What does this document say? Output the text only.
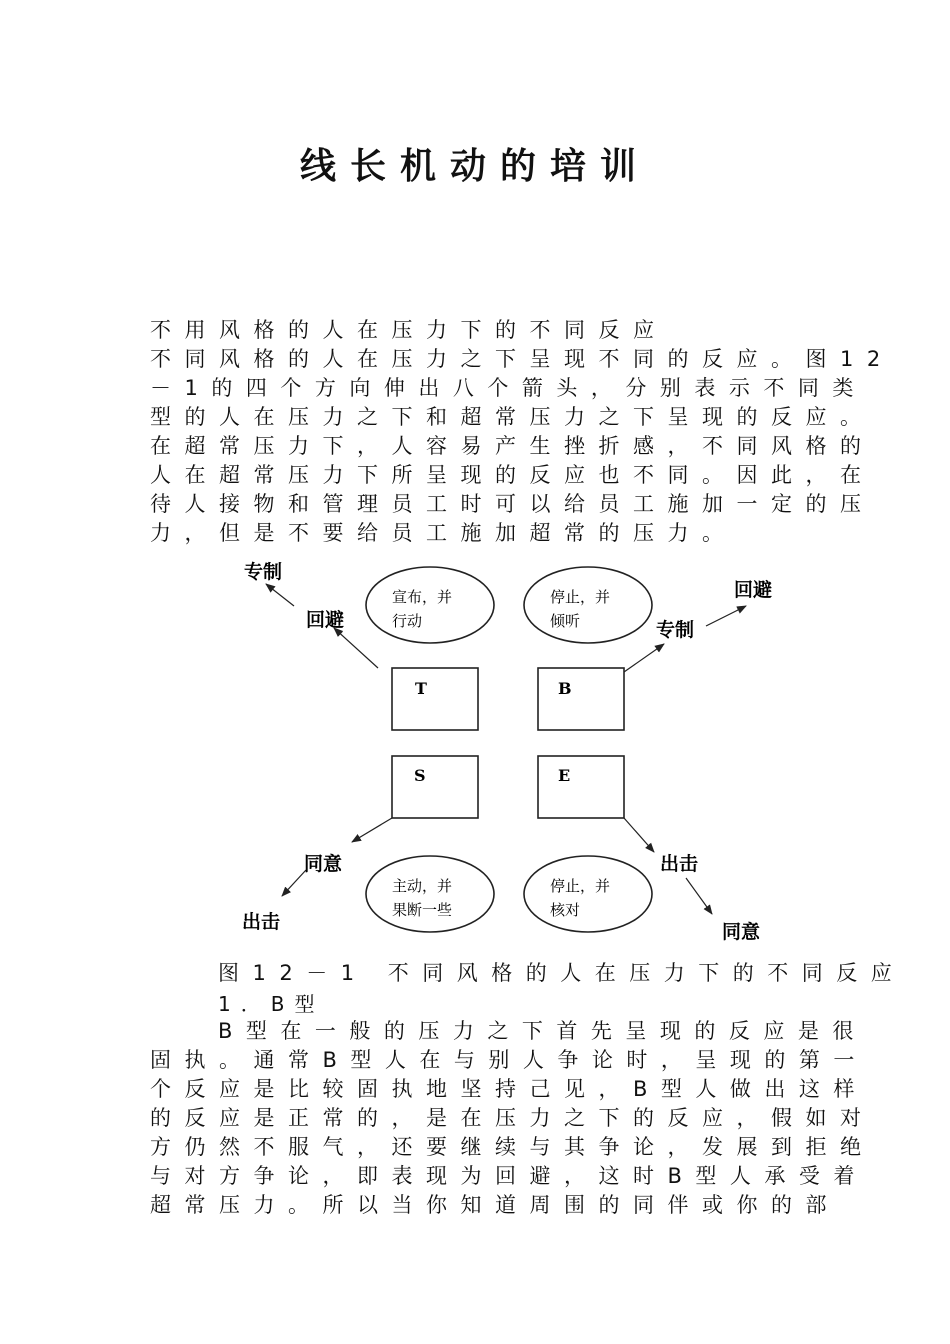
线长机动的培训
不用风格的人在压力下的不同反应
不同风格的人在压力之下呈现不同的反应。图12
－1的四个方向伸出八个箭头，分别表示不同类
型的人在压力之下和超常压力之下呈现的反应。
在超常压力下，人容易产生挫折感，不同风格的
人在超常压力下所呈现的反应也不同。因此，在
待人接物和管理员工时可以给员工施加一定的压
力，但是不要给员工施加超常的压力。
宣布，并
行动
停止，并
倾听
主动，并
果断一些
停止，并
核对
T	B
S	E
回避
专制
专制
回避
同意
出击
出击
同意
图12－1 不同风格的人在压力下的不同反应
1．B型
B型在一般的压力之下首先呈现的反应是很
固执。通常B型人在与别人争论时，呈现的第一
个反应是比较固执地坚持己见，B型人做出这样
的反应是正常的，是在压力之下的反应，假如对
方仍然不服气，还要继续与其争论，发展到拒绝
与对方争论，即表现为回避，这时B型人承受着
超常压力。所以当你知道周围的同伴或你的部
